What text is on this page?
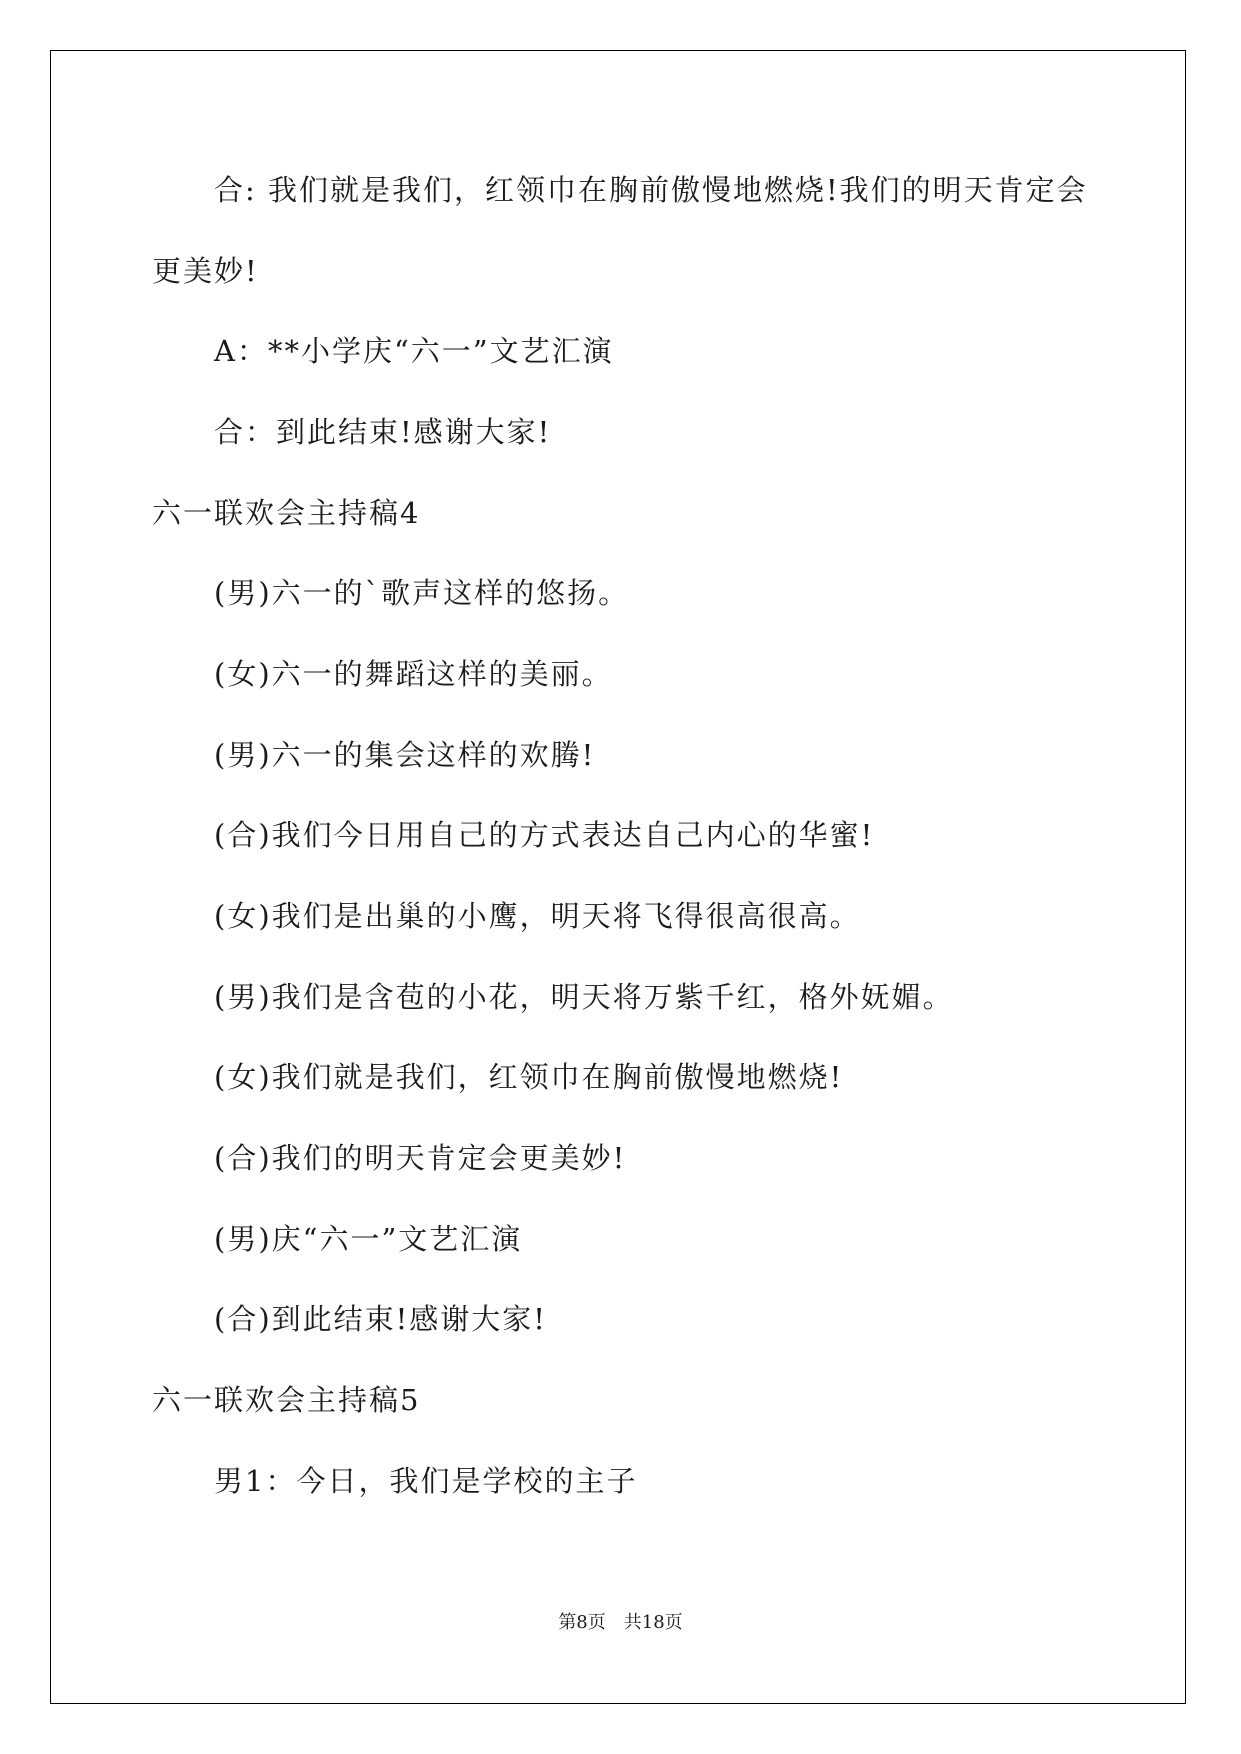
合: 我们就是我们，红领巾在胸前傲慢地燃烧!我们的明天肯定会
更美妙!
A：**小学庆“六一”文艺汇演
合：到此结束!感谢大家!
六一联欢会主持稿4
(男)六一的`歌声这样的悠扬。
(女)六一的舞蹈这样的美丽。
(男)六一的集会这样的欢腾!
(合)我们今日用自己的方式表达自己内心的华蜜!
(女)我们是出巢的小鹰，明天将飞得很高很高。
(男)我们是含苞的小花，明天将万紫千红，格外妩媚。
(女)我们就是我们，红领巾在胸前傲慢地燃烧!
(合)我们的明天肯定会更美妙!
(男)庆“六一”文艺汇演
(合)到此结束!感谢大家!
六一联欢会主持稿5
男1：今日，我们是学校的主子
第8页 共18页
